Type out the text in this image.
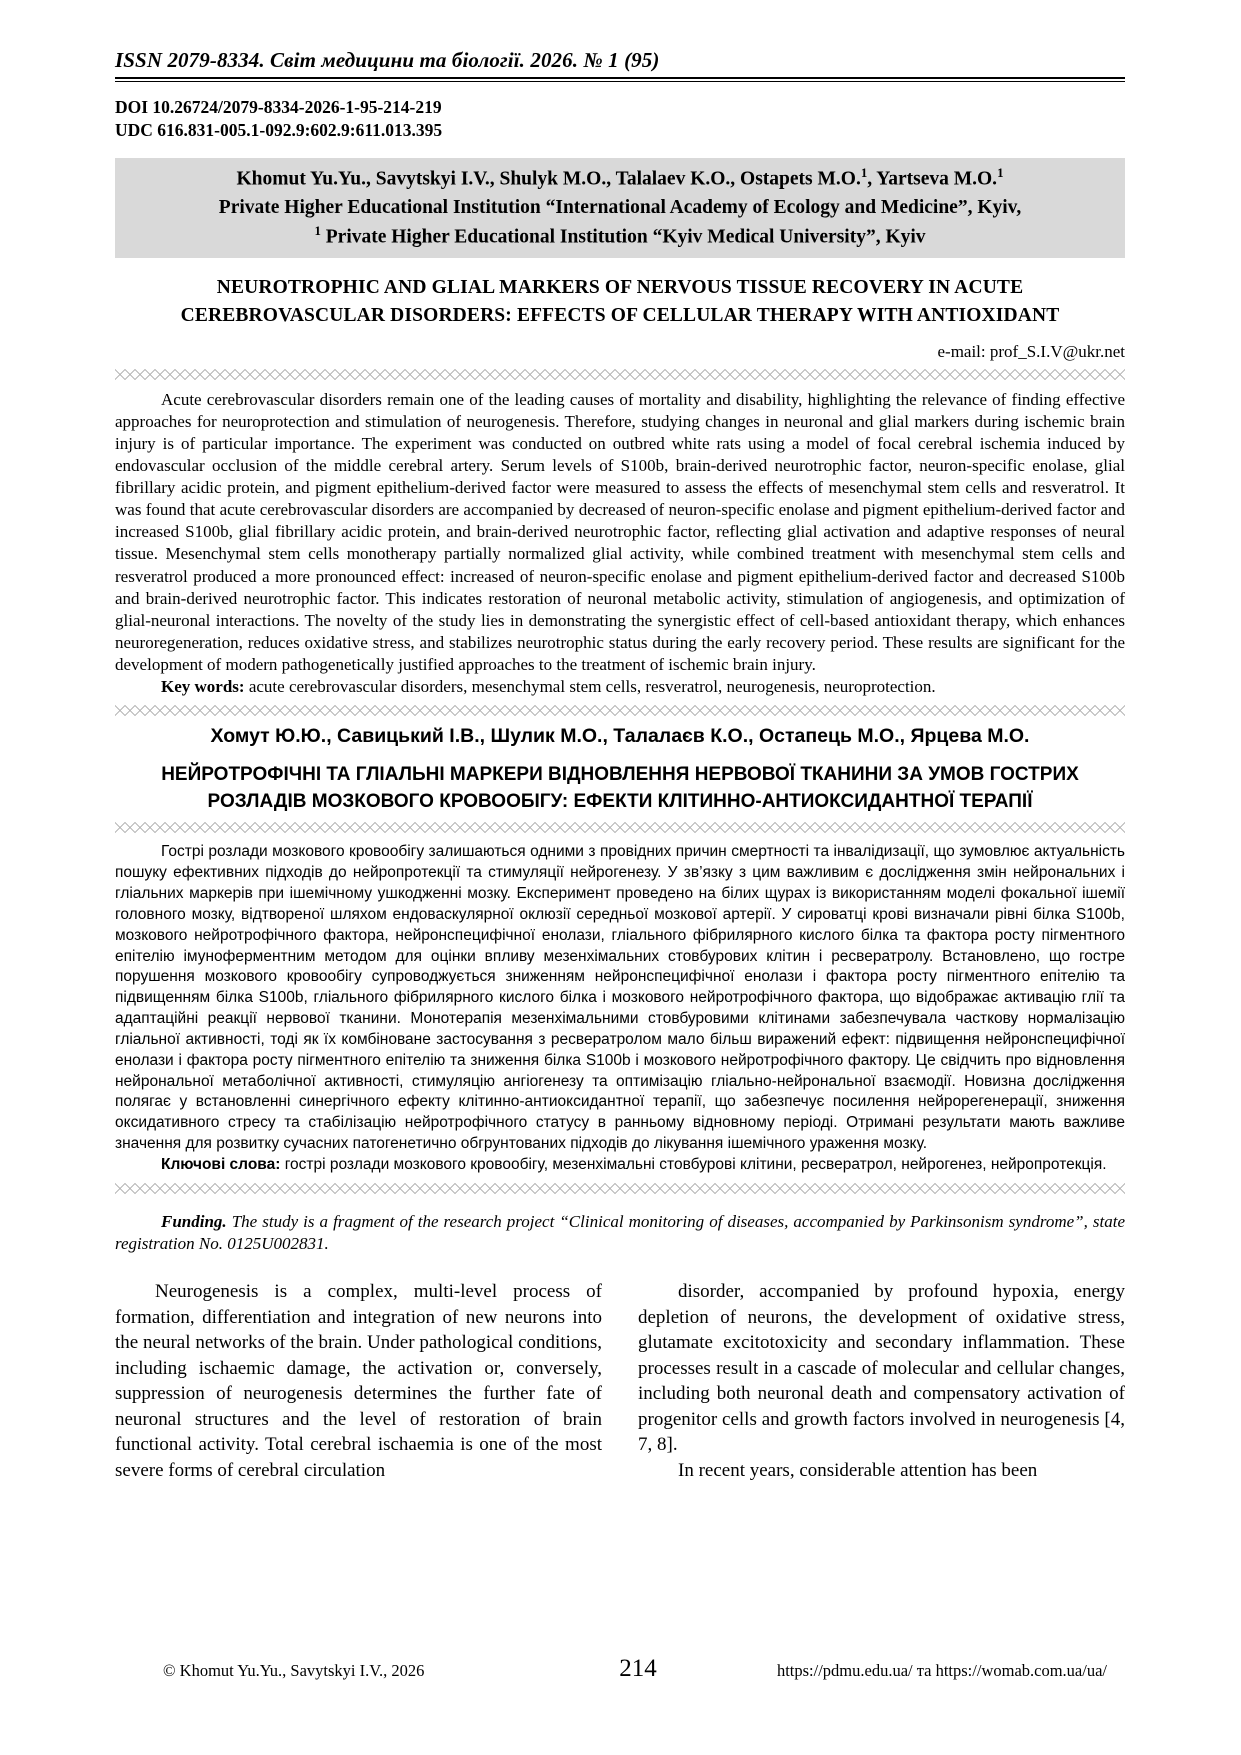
ISSN 2079-8334. Світ медицини та біології. 2026. № 1 (95)
DOI 10.26724/2079-8334-2026-1-95-214-219
UDC 616.831-005.1-092.9:602.9:611.013.395
Khomut Yu.Yu., Savytskyi I.V., Shulyk M.O., Talalaev K.O., Ostapets M.O.$^1$, Yartseva M.O.$^1$
Private Higher Educational Institution “International Academy of Ecology and Medicine”, Kyiv,
$^1$ Private Higher Educational Institution “Kyiv Medical University”, Kyiv
NEUROTROPHIC AND GLIAL MARKERS OF NERVOUS TISSUE RECOVERY IN ACUTE CEREBROVASCULAR DISORDERS: EFFECTS OF CELLULAR THERAPY WITH ANTIOXIDANT
e-mail: prof_S.I.V@ukr.net

Acute cerebrovascular disorders remain one of the leading causes of mortality and disability, highlighting the relevance of finding effective approaches for neuroprotection and stimulation of neurogenesis. Therefore, studying changes in neuronal and glial markers during ischemic brain injury is of particular importance. The experiment was conducted on outbred white rats using a model of focal cerebral ischemia induced by endovascular occlusion of the middle cerebral artery. Serum levels of S100b, brain-derived neurotrophic factor, neuron-specific enolase, glial fibrillary acidic protein, and pigment epithelium-derived factor were measured to assess the effects of mesenchymal stem cells and resveratrol. It was found that acute cerebrovascular disorders are accompanied by decreased of neuron-specific enolase and pigment epithelium-derived factor and increased S100b, glial fibrillary acidic protein, and brain-derived neurotrophic factor, reflecting glial activation and adaptive responses of neural tissue. Mesenchymal stem cells monotherapy partially normalized glial activity, while combined treatment with mesenchymal stem cells and resveratrol produced a more pronounced effect: increased of neuron-specific enolase and pigment epithelium-derived factor and decreased S100b and brain-derived neurotrophic factor. This indicates restoration of neuronal metabolic activity, stimulation of angiogenesis, and optimization of glial-neuronal interactions. The novelty of the study lies in demonstrating the synergistic effect of cell-based antioxidant therapy, which enhances neuroregeneration, reduces oxidative stress, and stabilizes neurotrophic status during the early recovery period. These results are significant for the development of modern pathogenetically justified approaches to the treatment of ischemic brain injury.

Key words: acute cerebrovascular disorders, mesenchymal stem cells, resveratrol, neurogenesis, neuroprotection.

Хомут Ю.Ю., Савицький І.В., Шулик М.О., Талалаєв К.О., Остапець М.О., Ярцева М.О.
НЕЙРОТРОФІЧНІ ТА ГЛІАЛЬНІ МАРКЕРИ ВІДНОВЛЕННЯ НЕРВОВОЇ ТКАНИНИ ЗА УМОВ ГОСТРИХ РОЗЛАДІВ МОЗКОВОГО КРОВООБІГУ: ЕФЕКТИ КЛІТИННО-АНТИОКСИДАНТНОЇ ТЕРАПІЇ

Гострі розлади мозкового кровообігу залишаються одними з провідних причин смертності та інвалідизації, що зумовлює актуальність пошуку ефективних підходів до нейропротекції та стимуляції нейрогенезу. У зв’язку з цим важливим є дослідження змін нейрональних і гліальних маркерів при ішемічному ушкодженні мозку. Експеримент проведено на білих щурах із використанням моделі фокальної ішемії головного мозку, відтвореної шляхом ендоваскулярної оклюзії середньої мозкової артерії. У сироватці крові визначали рівні білка S100b, мозкового нейротрофічного фактора, нейронспецифічної енолази, гліального фібрилярного кислого білка та фактора росту пігментного епітелію імуноферментним методом для оцінки впливу мезенхімальних стовбурових клітин і ресвератролу. Встановлено, що гостре порушення мозкового кровообігу супроводжується зниженням нейронспецифічної енолази і фактора росту пігментного епітелію та підвищенням білка S100b, гліального фібрилярного кислого білка і мозкового нейротрофічного фактора, що відображає активацію глії та адаптаційні реакції нервової тканини. Монотерапія мезенхімальними стовбуровими клітинами забезпечувала часткову нормалізацію гліальної активності, тоді як їх комбіноване застосування з ресвератролом мало більш виражений ефект: підвищення нейронспецифічної енолази і фактора росту пігментного епітелію та зниження білка S100b і мозкового нейротрофічного фактору. Це свідчить про відновлення нейрональної метаболічної активності, стимуляцію ангіогенезу та оптимізацію гліально-нейрональної взаємодії. Новизна дослідження полягає у встановленні синергічного ефекту клітинно-антиоксидантної терапії, що забезпечує посилення нейрорегенерації, зниження оксидативного стресу та стабілізацію нейротрофічного статусу в ранньому відновному періоді. Отримані результати мають важливе значення для розвитку сучасних патогенетично обгрунтованих підходів до лікування ішемічного ураження мозку.

Ключові слова: гострі розлади мозкового кровообігу, мезенхімальні стовбурові клітини, ресвератрол, нейрогенез, нейропротекція.

Funding. The study is a fragment of the research project “Clinical monitoring of diseases, accompanied by Parkinsonism syndrome”, state registration No. 0125U002831.

Neurogenesis is a complex, multi-level process of formation, differentiation and integration of new neurons into the neural networks of the brain. Under pathological conditions, including ischaemic damage, the activation or, conversely, suppression of neurogenesis determines the further fate of neuronal structures and the level of restoration of brain functional activity. Total cerebral ischaemia is one of the most severe forms of cerebral circulation

disorder, accompanied by profound hypoxia, energy depletion of neurons, the development of oxidative stress, glutamate excitotoxicity and secondary inflammation. These processes result in a cascade of molecular and cellular changes, including both neuronal death and compensatory activation of progenitor cells and growth factors involved in neurogenesis [4, 7, 8].

In recent years, considerable attention has been

© Khomut Yu.Yu., Savytskyi I.V., 2026	214	https://pdmu.edu.ua/ та https://womab.com.ua/ua/
